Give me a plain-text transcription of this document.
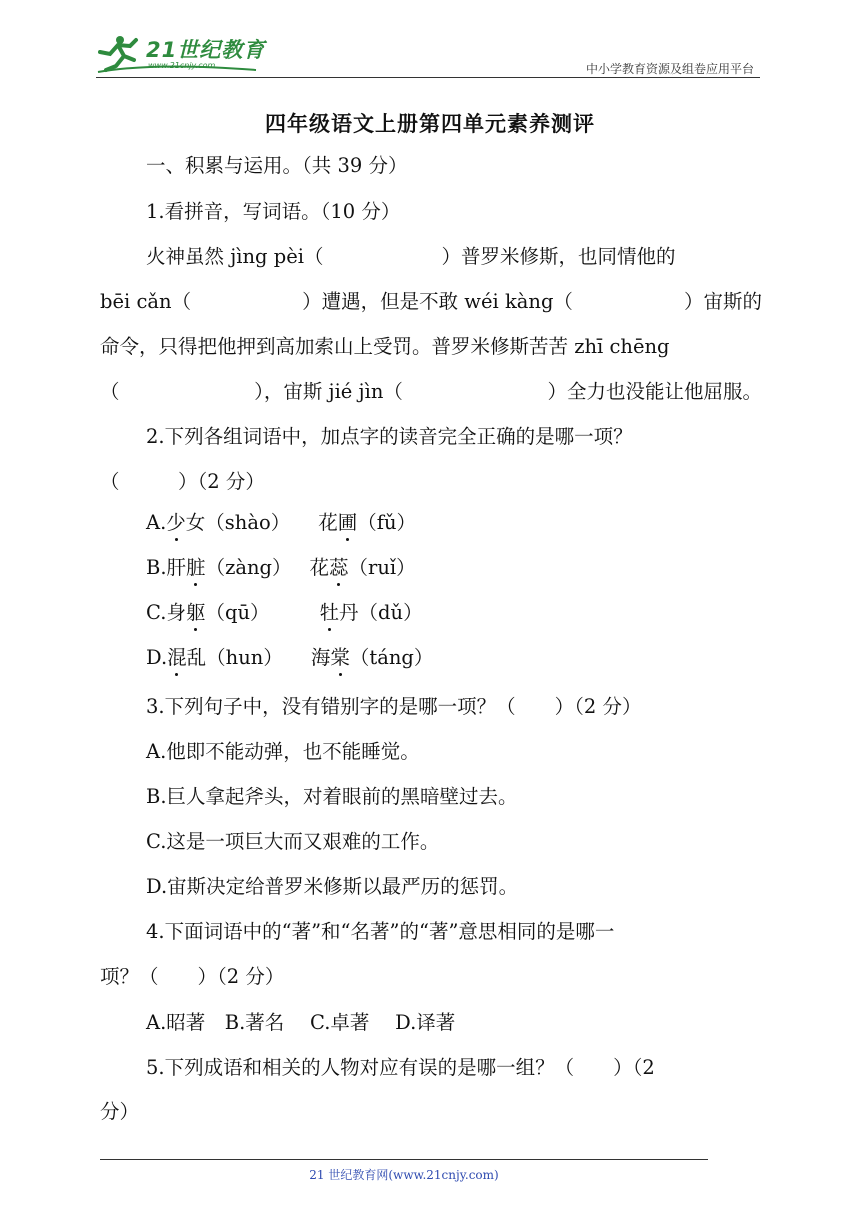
21世纪教育
www.21cnjy.com	中小学教育资源及组卷应用平台
四年级语文上册第四单元素养测评
一、积累与运用。（共 39 分）
1.看拼音，写词语。（10 分）
火神虽然 jìng pèi（	）普罗米修斯，也同情他的
bēi cǎn（	）遭遇，但是不敢 wéi kàng（	）宙斯的
命令，只得把他押到高加索山上受罚。普罗米修斯苦苦 zhī chēng
（	），宙斯 jié jìn（	）全力也没能让他屈服。
2.下列各组词语中，加点字的读音完全正确的是哪一项？
（　　　）（2 分）
A.少女（shào） 花圃（fǔ）
B.肝脏（zàng） 花蕊（ruǐ）
C.身躯（qū）	牡丹（dǔ）
D.混乱（hun） 海棠（táng）
3.下列句子中，没有错别字的是哪一项？（　　）（2 分）
A.他即不能动弹，也不能睡觉。
B.巨人拿起斧头，对着眼前的黑暗壁过去。
C.这是一项巨大而又艰难的工作。
D.宙斯决定给普罗米修斯以最严历的惩罚。
4.下面词语中的“著”和“名著”的“著”意思相同的是哪一
项？（　　）（2 分）
A.昭著　B.著名　 C.卓著　 D.译著
5.下列成语和相关的人物对应有误的是哪一组？（　　）（2
分）
21 世纪教育网(www.21cnjy.com)
